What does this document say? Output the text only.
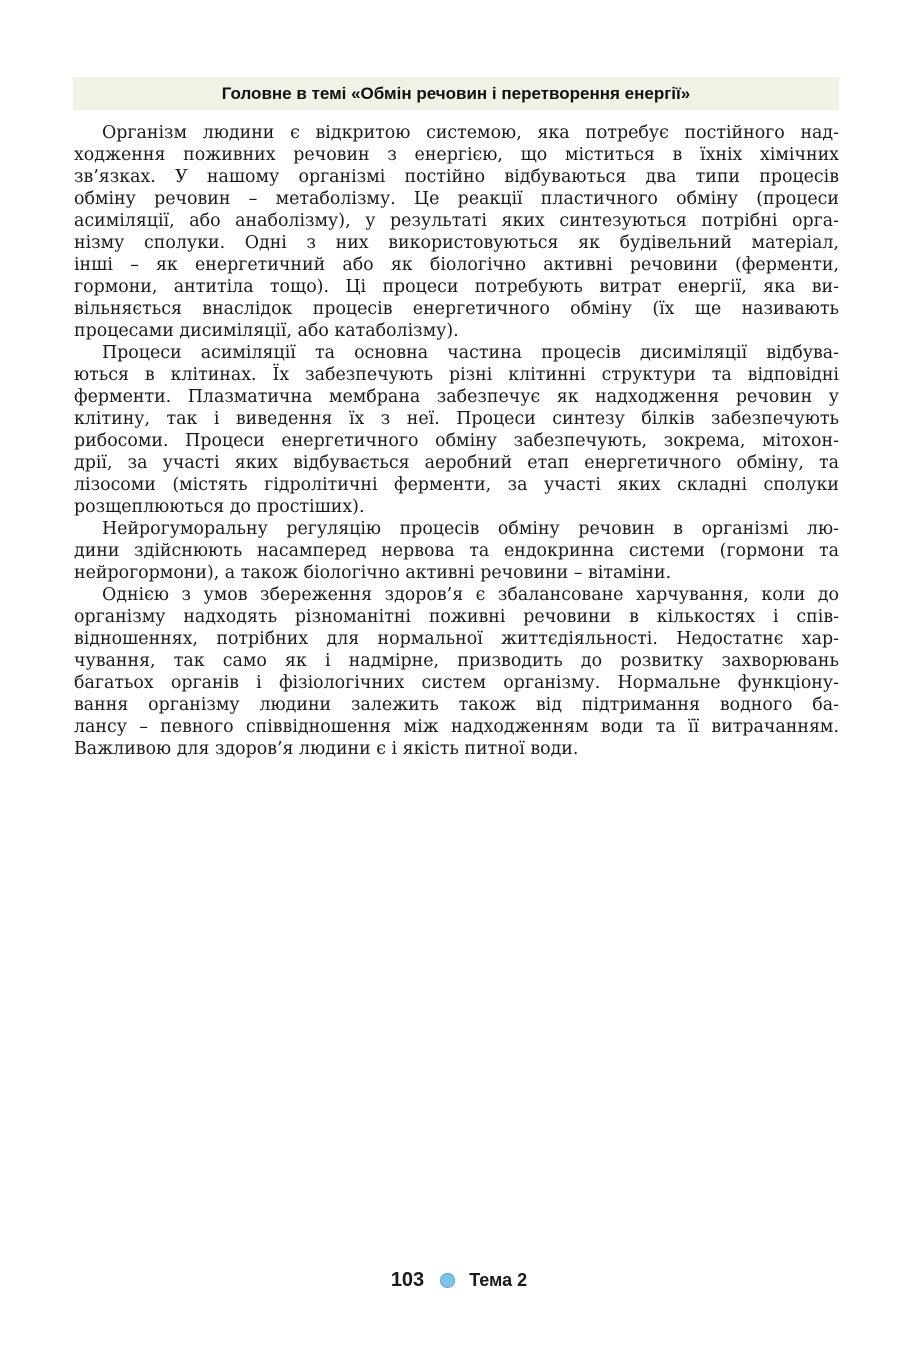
Головне в темі «Обмін речовин і перетворення енергії»
Організм людини є відкритою системою, яка потребує постійного над-
ходження поживних речовин з енергією, що міститься в їхніх хімічних
зв’язках. У нашому організмі постійно відбуваються два типи процесів
обміну речовин – метаболізму. Це реакції пластичного обміну (процеси
асиміляції, або анаболізму), у результаті яких синтезуються потрібні орга-
нізму сполуки. Одні з них використовуються як будівельний матеріал,
інші – як енергетичний або як біологічно активні речовини (ферменти,
гормони, антитіла тощо). Ці процеси потребують витрат енергії, яка ви-
вільняється внаслідок процесів енергетичного обміну (їх ще називають
процесами дисиміляції, або катаболізму).
Процеси асиміляції та основна частина процесів дисиміляції відбува-
ються в клітинах. Їх забезпечують різні клітинні структури та відповідні
ферменти. Плазматична мембрана забезпечує як надходження речовин у
клітину, так і виведення їх з неї. Процеси синтезу білків забезпечують
рибосоми. Процеси енергетичного обміну забезпечують, зокрема, мітохон-
дрії, за участі яких відбувається аеробний етап енергетичного обміну, та
лізосоми (містять гідролітичні ферменти, за участі яких складні сполуки
розщеплюються до простіших).
Нейрогуморальну регуляцію процесів обміну речовин в організмі лю-
дини здійснюють насамперед нервова та ендокринна системи (гормони та
нейрогормони), а також біологічно активні речовини – вітаміни.
Однією з умов збереження здоров’я є збалансоване харчування, коли до
організму надходять різноманітні поживні речовини в кількостях і спів-
відношеннях, потрібних для нормальної життєдіяльності. Недостатнє хар-
чування, так само як і надмірне, призводить до розвитку захворювань
багатьох органів і фізіологічних систем організму. Нормальне функціону-
вання організму людини залежить також від підтримання водного ба-
лансу – певного співвідношення між надходженням води та її витрачанням.
Важливою для здоров’я людини є і якість питної води.
103	Тема 2
